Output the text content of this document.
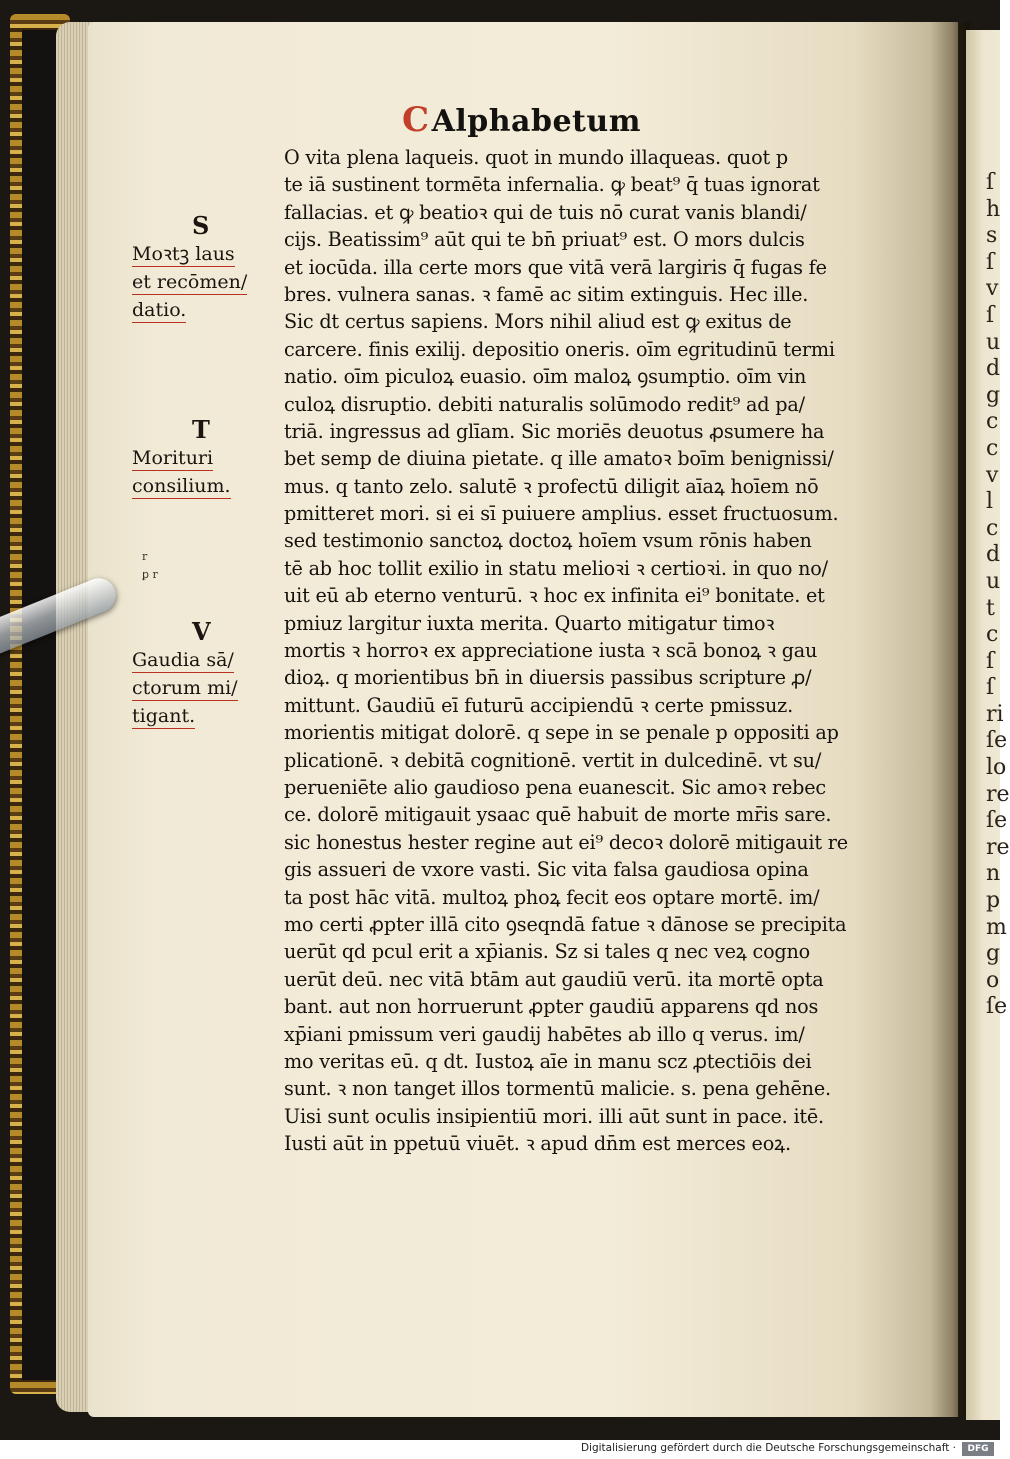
ſ
h
s
ſ
v
ſ
u
d
g
c
c
v
l
c
d
u
t
c
ſ
ſ
ri
ſe
lo
re
ſe
re
n
p
m
g
o
ſe
CAlphabetum
O vita plena laqueis. quot in mundo illaqueas. quot p
te iā sustinent tormēta infernalia. ꝙ beat⁹ q̄ tuas ignorat
fallacias. et ꝙ beatioꝛ qui de tuis nō curat vanis blandi/
cijs. Beatissim⁹ aūt qui te bn̄ priuat⁹ est. O mors dulcis
et iocūda. illa certe mors que vitā verā largiris q̄ fugas fe
bres. vulnera sanas. ꝛ famē ac sitim extinguis. Hec ille.
Sic dt certus sapiens. Mors nihil aliud est ꝙ exitus de
carcere. finis exilij. depositio oneris. oīm egritudinū termi
natio. oīm piculoꝝ euasio. oīm maloꝝ ꝯsumptio. oīm vin
culoꝝ disruptio. debiti naturalis solūmodo redit⁹ ad pa/
triā. ingressus ad glīam. Sic moriēs deuotus ꝓsumere ha
bet semp de diuina pietate. q ille amatoꝛ boīm benignissi/
mus. q tanto zelo. salutē ꝛ profectū diligit aīaꝝ hoīem nō
pmitteret mori. si ei sī puiuere amplius. esset fructuosum.
sed testimonio sanctoꝝ doctoꝝ hoīem vsum rōnis haben
tē ab hoc tollit exilio in statu melioꝛi ꝛ certioꝛi. in quo no/
uit eū ab eterno venturū. ꝛ hoc ex infinita ei⁹ bonitate. et
pmiuz largitur iuxta merita. Quarto mitigatur timoꝛ
mortis ꝛ horroꝛ ex appreciatione iusta ꝛ scā bonoꝝ ꝛ gau
dioꝝ. q morientibus bn̄ in diuersis passibus scripture ꝓ/
mittunt. Gaudiū eī futurū accipiendū ꝛ certe pmissuz.
morientis mitigat dolorē. q sepe in se penale p oppositi ap
plicationē. ꝛ debitā cognitionē. vertit in dulcedinē. vt su/
perueniēte alio gaudioso pena euanescit. Sic amoꝛ rebec
ce. dolorē mitigauit ysaac quē habuit de morte mr̄is sare.
sic honestus hester regine aut ei⁹ decoꝛ dolorē mitigauit re
gis assueri de vxore vasti. Sic vita falsa gaudiosa opina
ta post hāc vitā. multoꝝ phoꝝ fecit eos optare mortē. im/
mo certi ꝓpter illā cito ꝯseqndā fatue ꝛ dānose se precipita
uerūt qd pcul erit a xp̄ianis. Sz si tales q nec veꝝ cogno
uerūt deū. nec vitā btām aut gaudiū verū. ita mortē opta
bant. aut non horruerunt ꝓpter gaudiū apparens qd nos
xp̄iani pmissum veri gaudij habētes ab illo q verus. im/
mo veritas eū. q dt. Iustoꝝ aīe in manu scz ꝓtectiōis dei
sunt. ꝛ non tanget illos tormentū malicie. s. pena gehēne.
Uisi sunt oculis insipientiū mori. illi aūt sunt in pace. itē.
Iusti aūt in ppetuū viuēt. ꝛ apud dn̄m est merces eoꝝ.
S
Moꝛtꝫ laus
et recōmen/
datio.
T
Morituri
consilium.
r
ꝑ r
V
Gaudia sā/
ctorum mi/
tigant.
Digitalisierung gefördert durch die Deutsche Forschungsgemeinschaft ·	DFG
